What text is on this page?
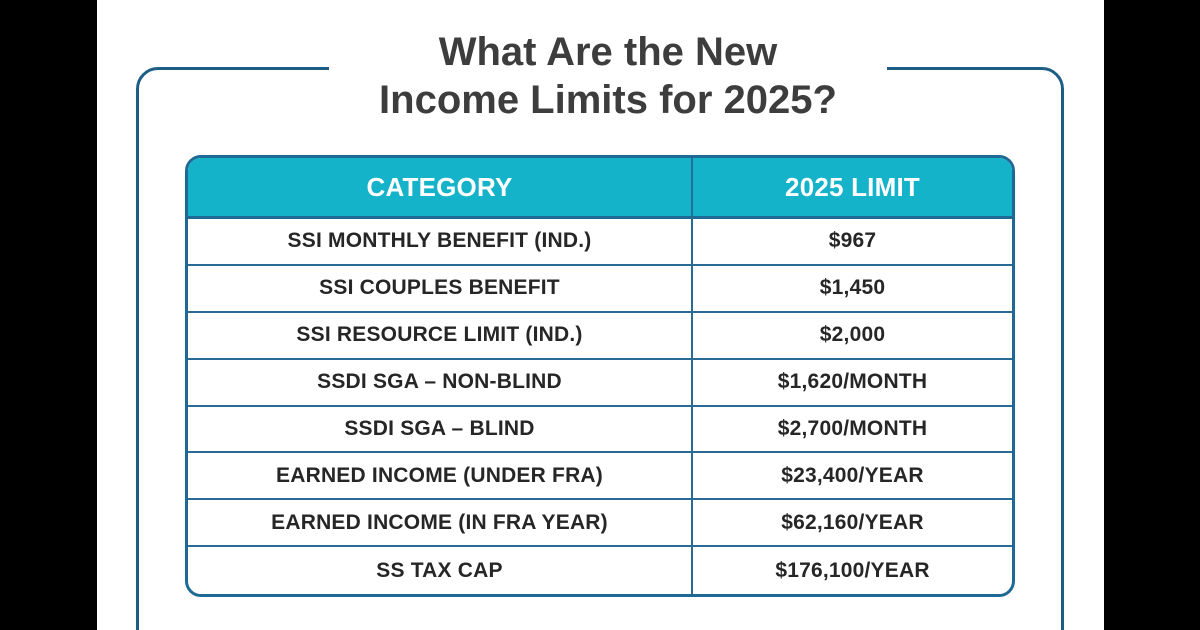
What Are the New
Income Limits for 2025?
CATEGORY	2025 LIMIT
SSI MONTHLY BENEFIT (IND.)	$967
SSI COUPLES BENEFIT	$1,450
SSI RESOURCE LIMIT (IND.)	$2,000
SSDI SGA – NON-BLIND	$1,620/MONTH
SSDI SGA – BLIND	$2,700/MONTH
EARNED INCOME (UNDER FRA)	$23,400/YEAR
EARNED INCOME (IN FRA YEAR)	$62,160/YEAR
SS TAX CAP	$176,100/YEAR
